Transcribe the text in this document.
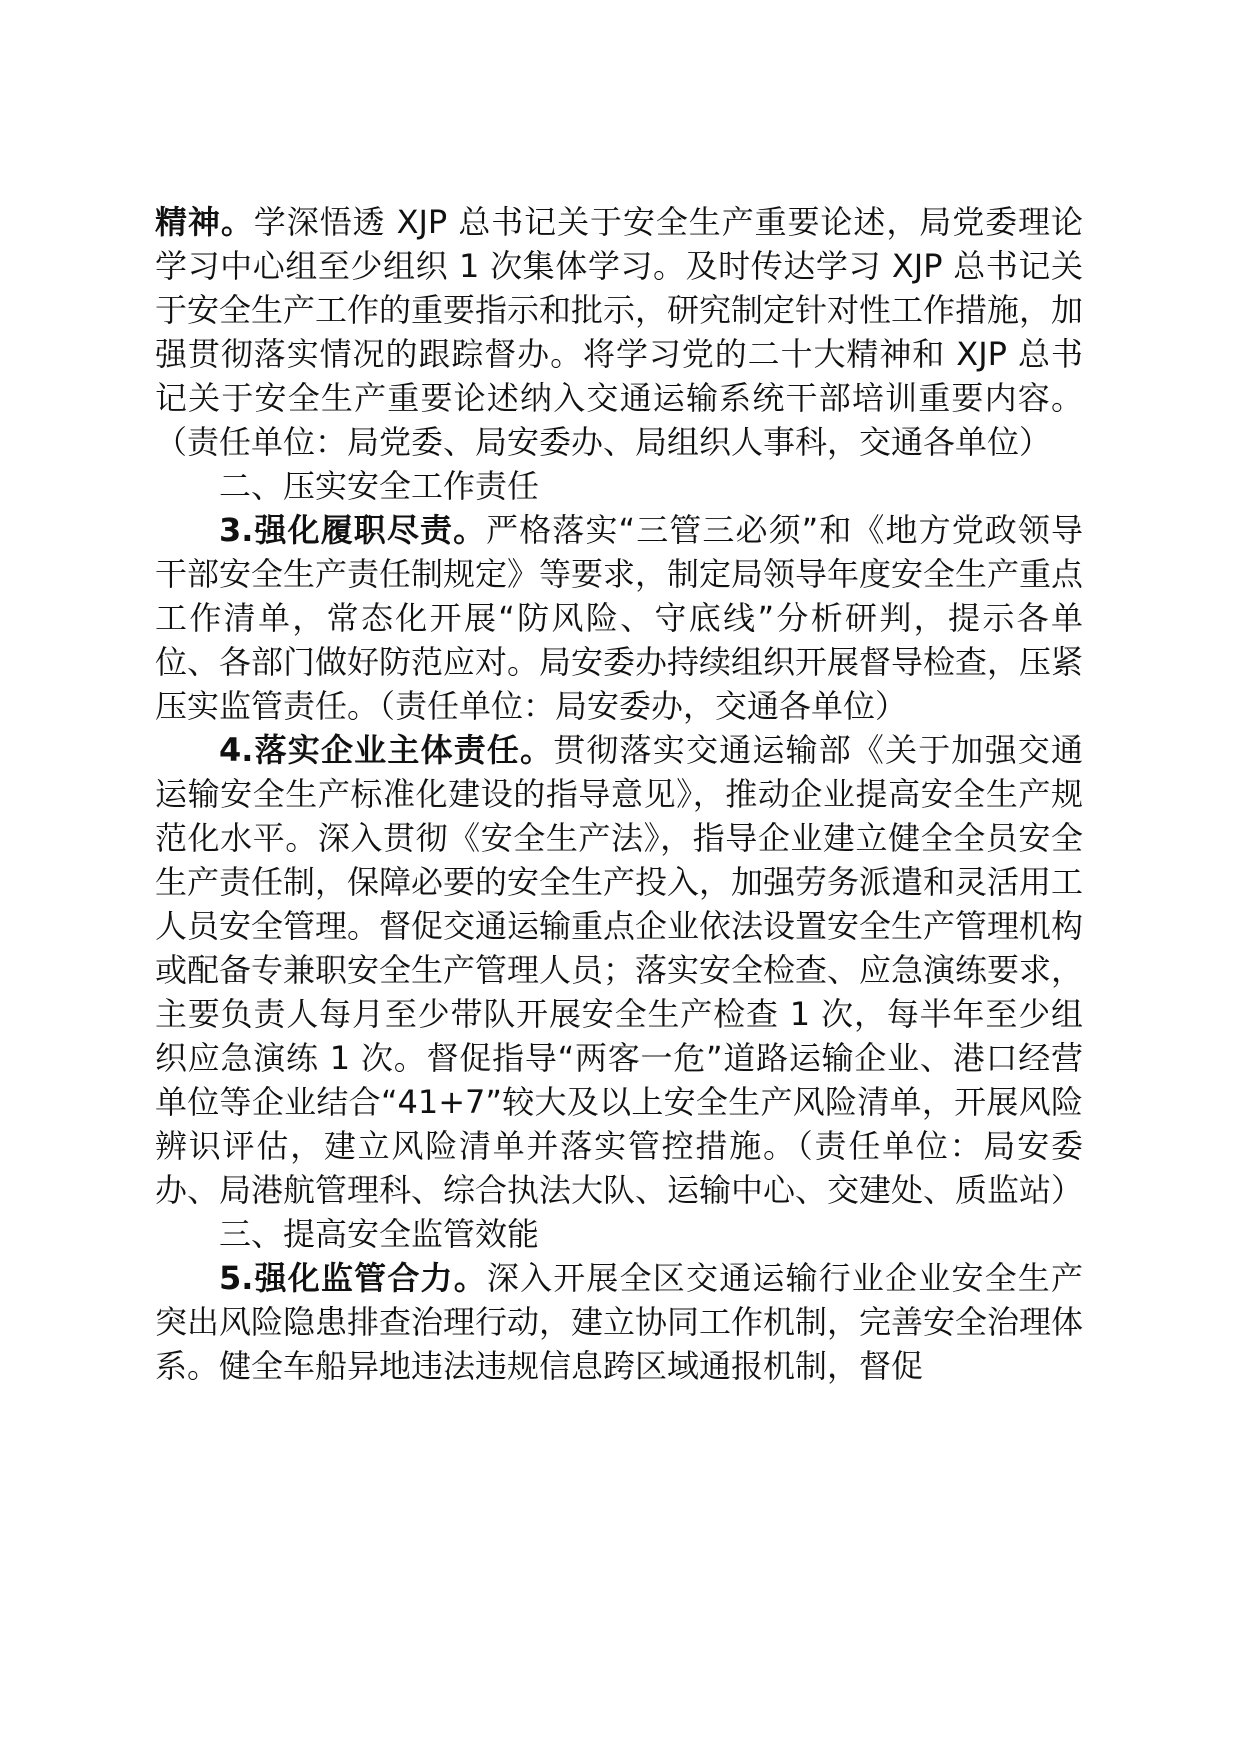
精神。学深悟透 XJP 总书记关于安全生产重要论述，局党委理论学习中心组至少组织 1 次集体学习。及时传达学习 XJP 总书记关于安全生产工作的重要指示和批示，研究制定针对性工作措施，加强贯彻落实情况的跟踪督办。将学习党的二十大精神和 XJP 总书记关于安全生产重要论述纳入交通运输系统干部培训重要内容。（责任单位：局党委、局安委办、局组织人事科，交通各单位）

二、压实安全工作责任

3.强化履职尽责。严格落实“三管三必须”和《地方党政领导干部安全生产责任制规定》等要求，制定局领导年度安全生产重点工作清单，常态化开展“防风险、守底线”分析研判，提示各单位、各部门做好防范应对。局安委办持续组织开展督导检查，压紧压实监管责任。（责任单位：局安委办，交通各单位）

4.落实企业主体责任。贯彻落实交通运输部《关于加强交通运输安全生产标准化建设的指导意见》，推动企业提高安全生产规范化水平。深入贯彻《安全生产法》，指导企业建立健全全员安全生产责任制，保障必要的安全生产投入，加强劳务派遣和灵活用工人员安全管理。督促交通运输重点企业依法设置安全生产管理机构或配备专兼职安全生产管理人员；落实安全检查、应急演练要求，主要负责人每月至少带队开展安全生产检查 1 次，每半年至少组织应急演练 1 次。督促指导“两客一危”道路运输企业、港口经营单位等企业结合“41+7”较大及以上安全生产风险清单，开展风险辨识评估，建立风险清单并落实管控措施。（责任单位：局安委办、局港航管理科、综合执法大队、运输中心、交建处、质监站）

三、提高安全监管效能

5.强化监管合力。深入开展全区交通运输行业企业安全生产突出风险隐患排查治理行动，建立协同工作机制，完善安全治理体系。健全车船异地违法违规信息跨区域通报机制，督促
